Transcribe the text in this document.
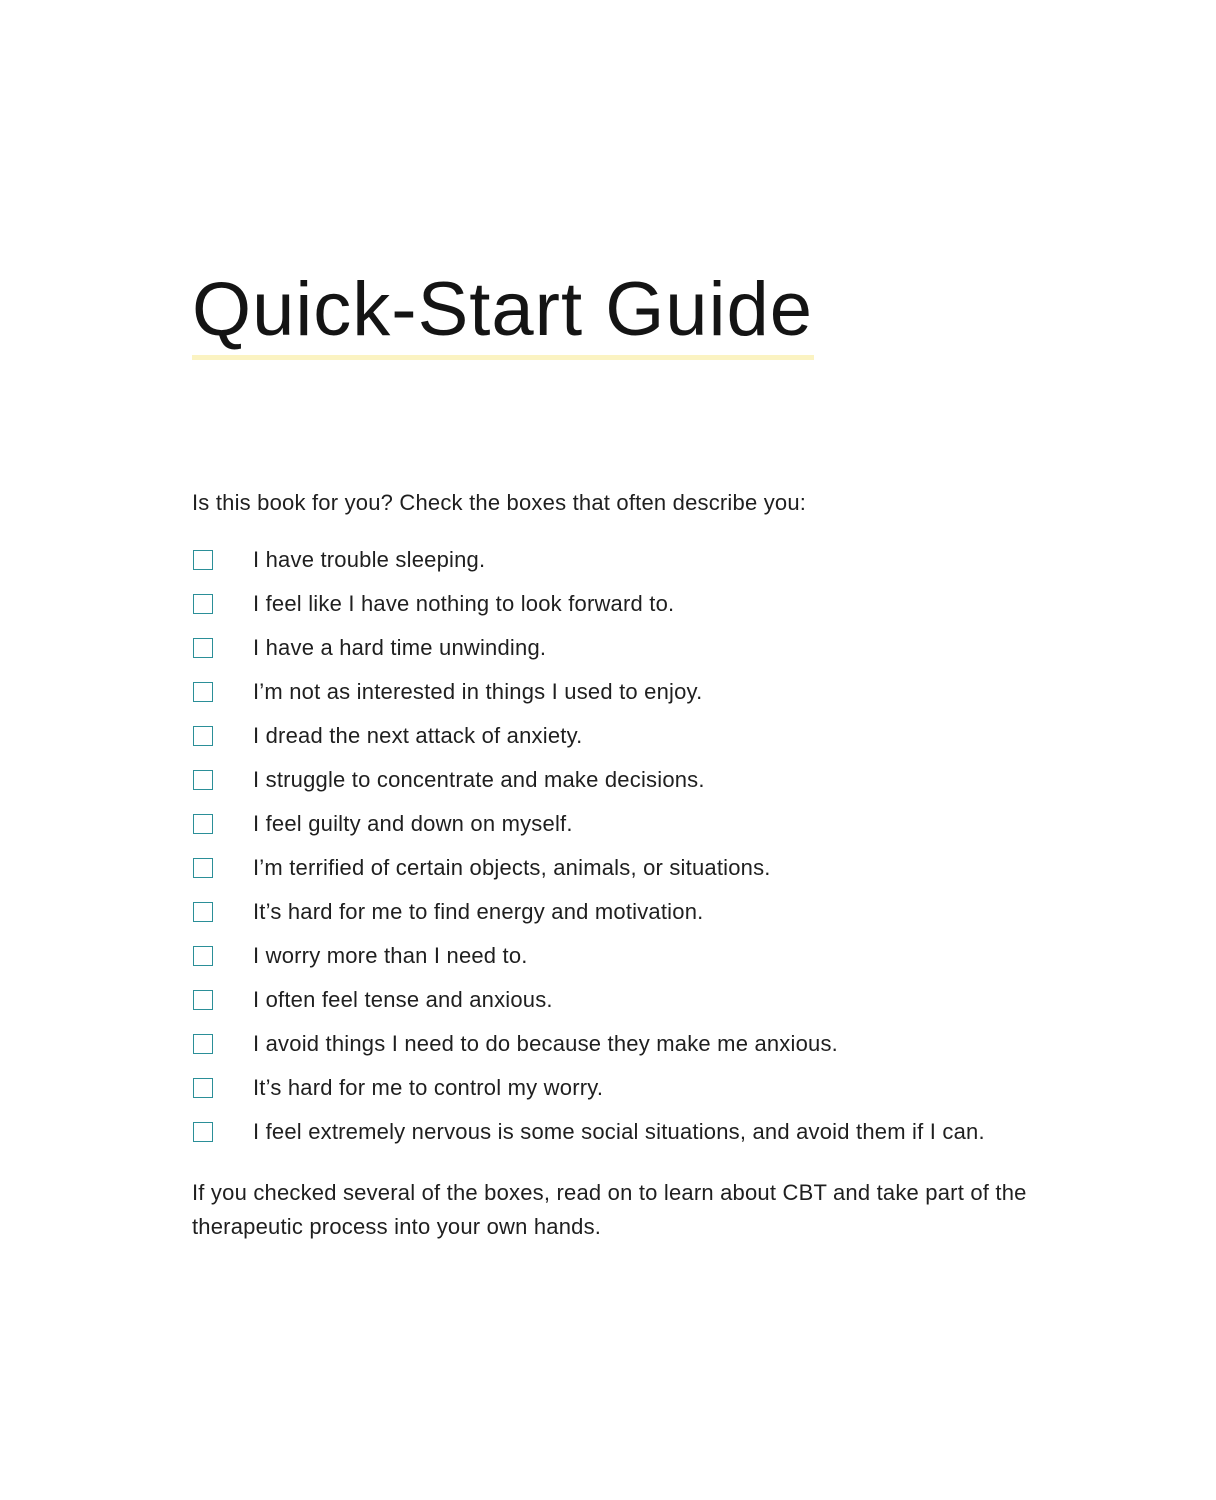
Quick-Start Guide

Is this book for you? Check the boxes that often describe you:

I have trouble sleeping.
I feel like I have nothing to look forward to.
I have a hard time unwinding.
I’m not as interested in things I used to enjoy.
I dread the next attack of anxiety.
I struggle to concentrate and make decisions.
I feel guilty and down on myself.
I’m terrified of certain objects, animals, or situations.
It’s hard for me to find energy and motivation.
I worry more than I need to.
I often feel tense and anxious.
I avoid things I need to do because they make me anxious.
It’s hard for me to control my worry.
I feel extremely nervous is some social situations, and avoid them if I can.

If you checked several of the boxes, read on to learn about CBT and take part of the therapeutic process into your own hands.
